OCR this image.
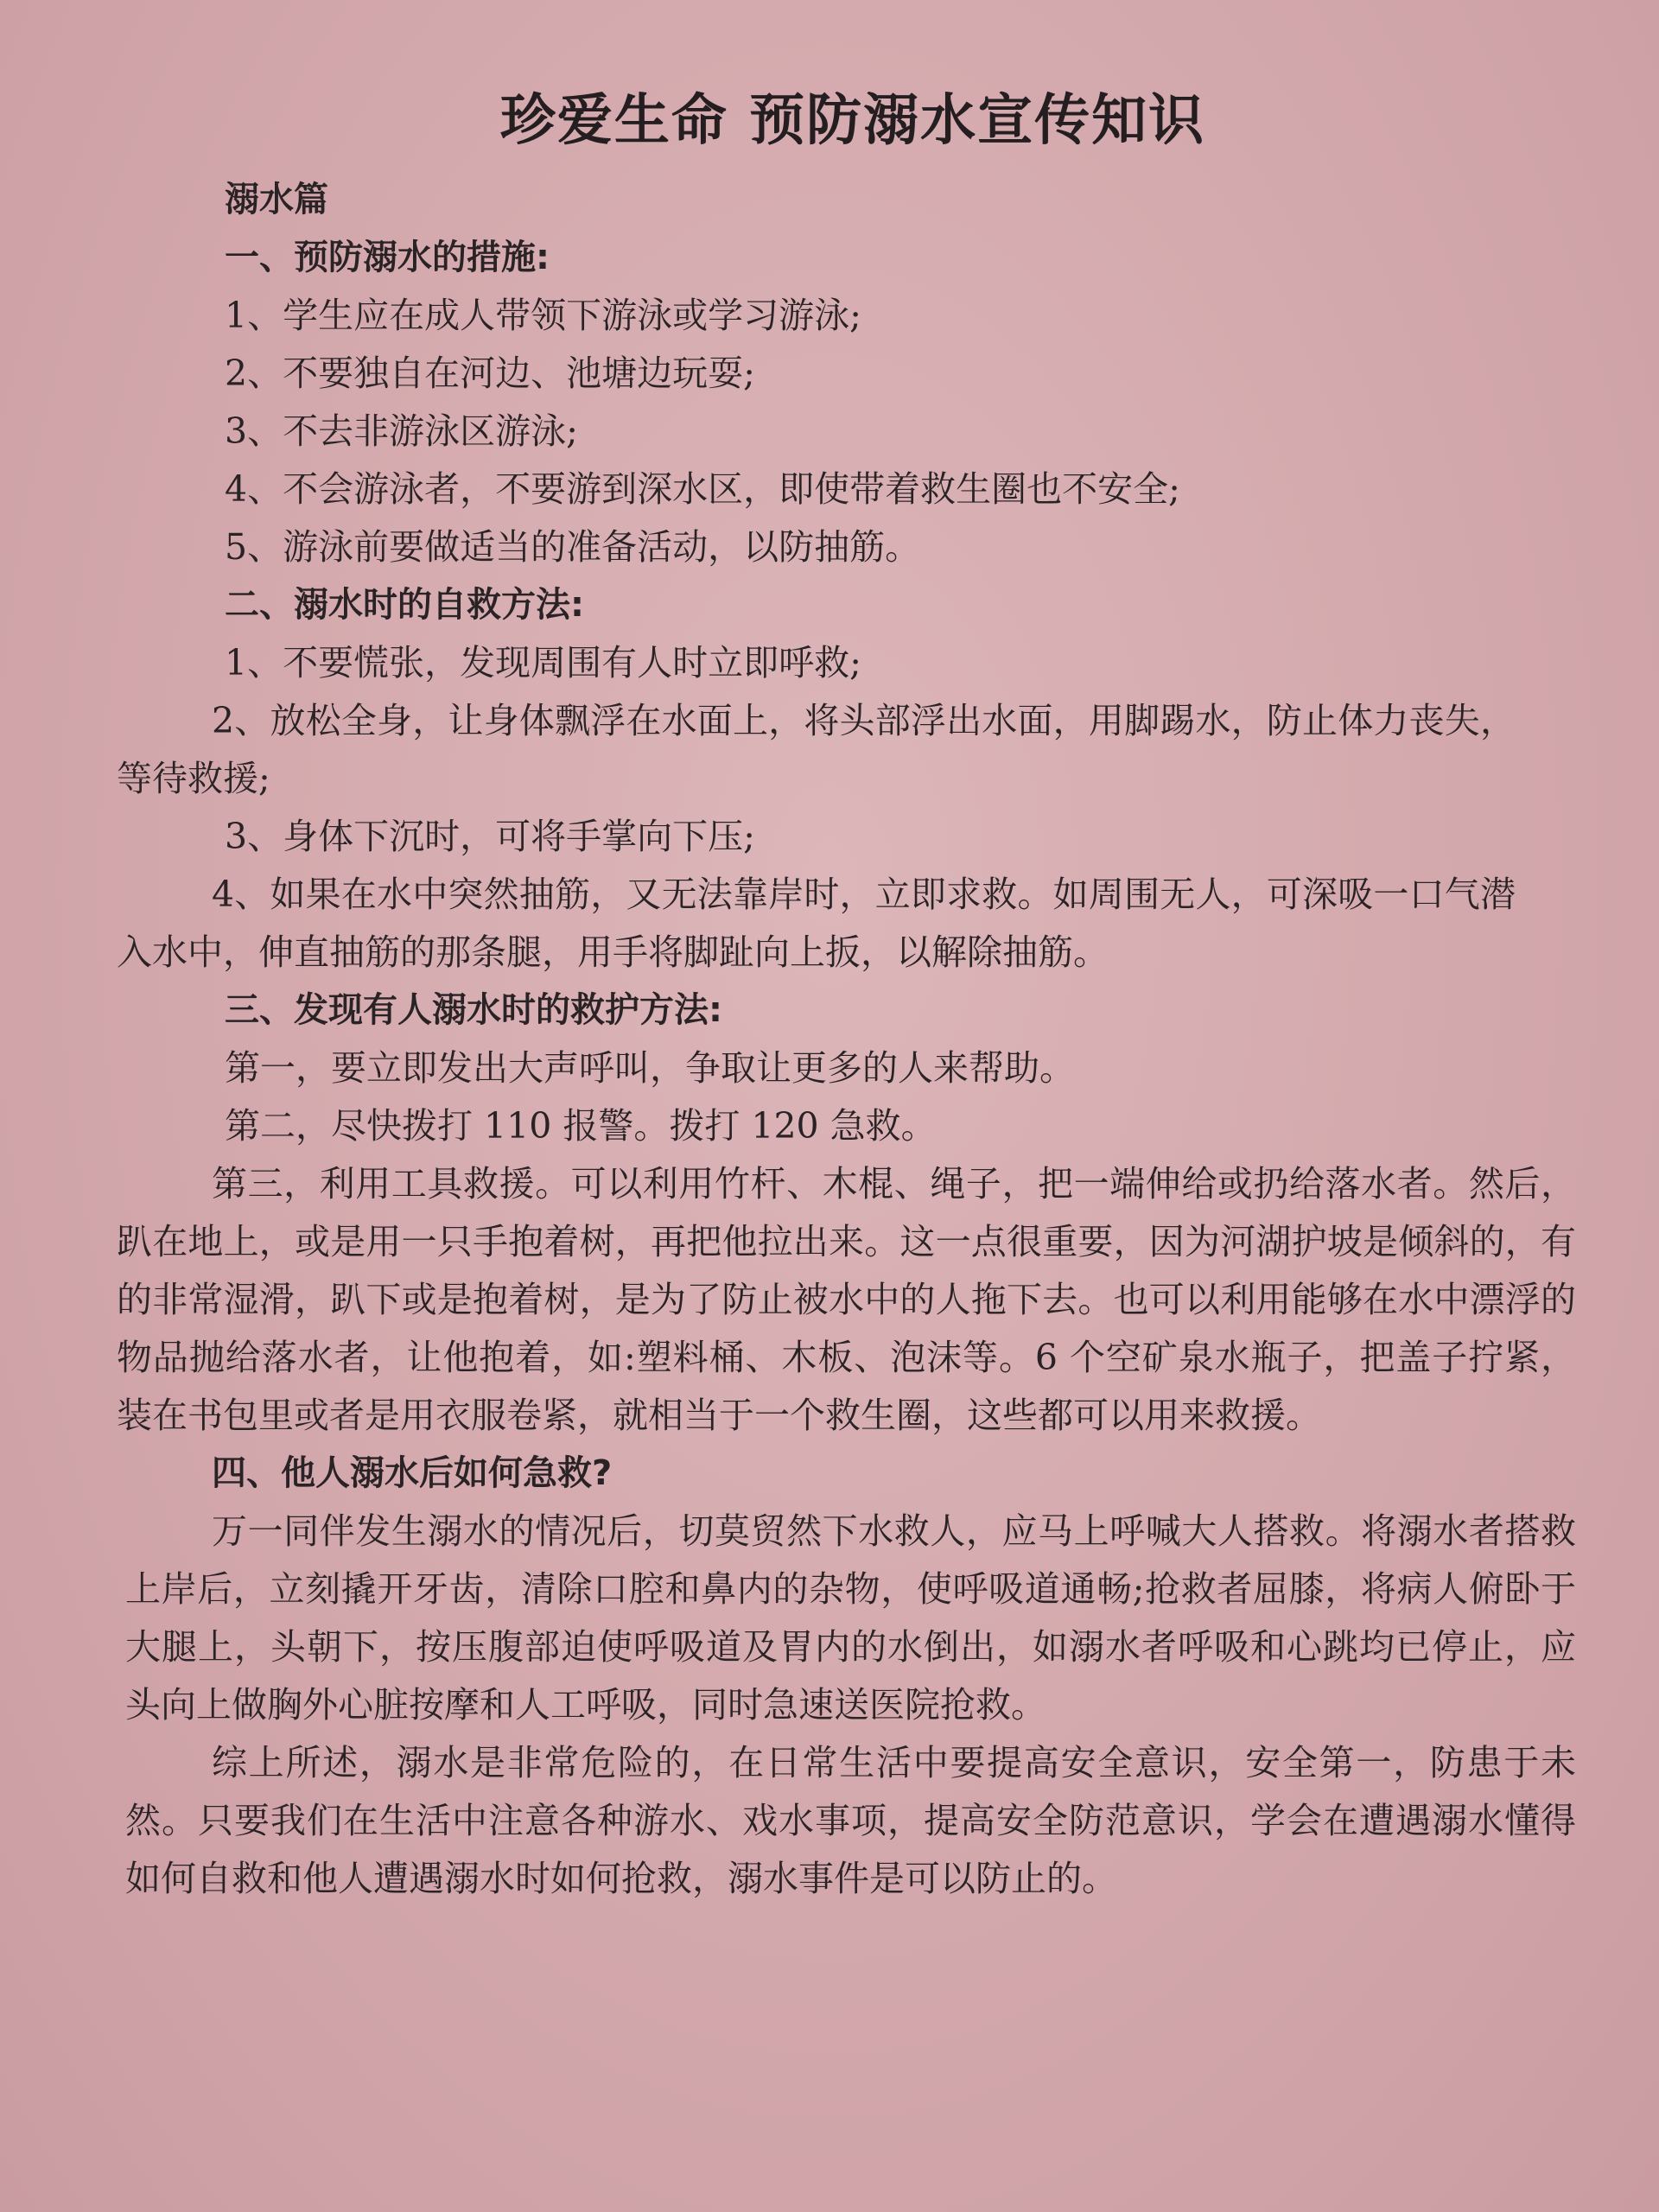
珍爱生命 预防溺水宣传知识

溺水篇

一、预防溺水的措施:

1、学生应在成人带领下游泳或学习游泳;

2、不要独自在河边、池塘边玩耍;

3、不去非游泳区游泳;

4、不会游泳者，不要游到深水区，即使带着救生圈也不安全;

5、游泳前要做适当的准备活动，以防抽筋。

二、溺水时的自救方法:

1、不要慌张，发现周围有人时立即呼救;

2、放松全身，让身体飘浮在水面上，将头部浮出水面，用脚踢水，防止体力丧失，等待救援;

3、身体下沉时，可将手掌向下压;

4、如果在水中突然抽筋，又无法靠岸时，立即求救。如周围无人，可深吸一口气潜入水中，伸直抽筋的那条腿，用手将脚趾向上扳，以解除抽筋。

三、发现有人溺水时的救护方法:

第一，要立即发出大声呼叫，争取让更多的人来帮助。

第二，尽快拨打 110 报警。拨打 120 急救。

第三，利用工具救援。可以利用竹杆、木棍、绳子，把一端伸给或扔给落水者。然后，趴在地上，或是用一只手抱着树，再把他拉出来。这一点很重要，因为河湖护坡是倾斜的，有的非常湿滑，趴下或是抱着树，是为了防止被水中的人拖下去。也可以利用能够在水中漂浮的物品抛给落水者，让他抱着，如:塑料桶、木板、泡沫等。6 个空矿泉水瓶子，把盖子拧紧，装在书包里或者是用衣服卷紧，就相当于一个救生圈，这些都可以用来救援。

四、他人溺水后如何急救?

万一同伴发生溺水的情况后，切莫贸然下水救人，应马上呼喊大人搭救。将溺水者搭救上岸后，立刻撬开牙齿，清除口腔和鼻内的杂物，使呼吸道通畅;抢救者屈膝，将病人俯卧于大腿上，头朝下，按压腹部迫使呼吸道及胃内的水倒出，如溺水者呼吸和心跳均已停止，应头向上做胸外心脏按摩和人工呼吸，同时急速送医院抢救。

综上所述，溺水是非常危险的，在日常生活中要提高安全意识，安全第一，防患于未然。只要我们在生活中注意各种游水、戏水事项，提高安全防范意识，学会在遭遇溺水懂得如何自救和他人遭遇溺水时如何抢救，溺水事件是可以防止的。
